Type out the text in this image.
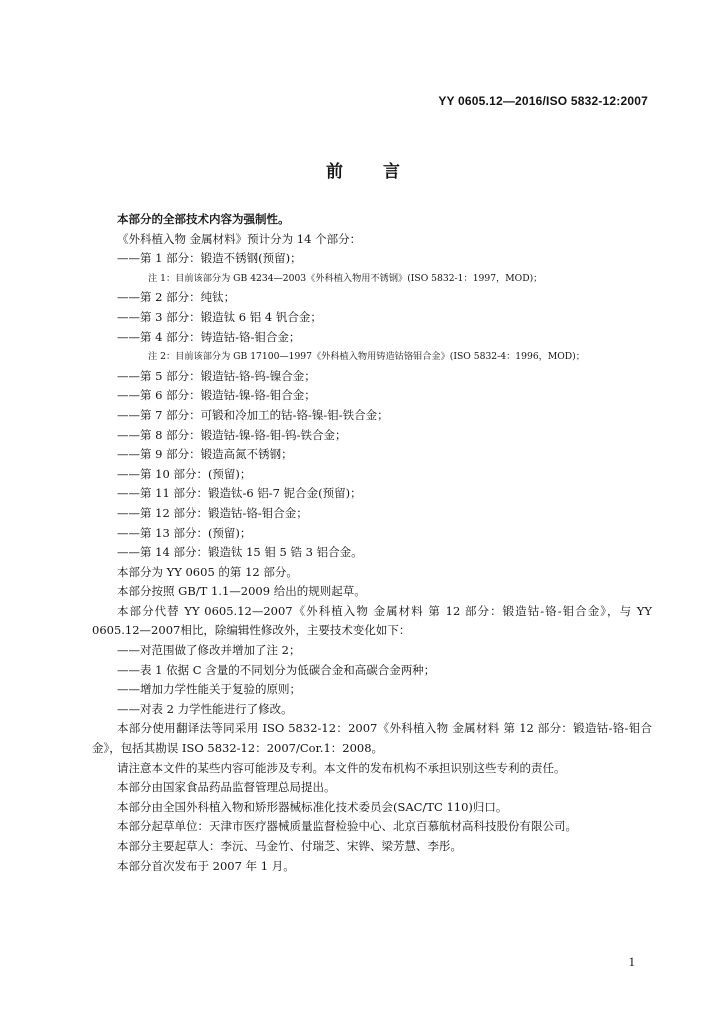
YY 0605.12—2016/ISO 5832-12:2007
前 言

本部分的全部技术内容为强制性。

《外科植入物 金属材料》预计分为 14 个部分：

——第 1 部分：锻造不锈钢(预留)；

注 1：目前该部分为 GB 4234—2003《外科植入物用不锈钢》(ISO 5832-1：1997，MOD)；

——第 2 部分：纯钛；

——第 3 部分：锻造钛 6 铝 4 钒合金；

——第 4 部分：铸造钴-铬-钼合金；

注 2：目前该部分为 GB 17100—1997《外科植入物用铸造钴铬钼合金》(ISO 5832-4：1996，MOD)；

——第 5 部分：锻造钴-铬-钨-镍合金；

——第 6 部分：锻造钴-镍-铬-钼合金；

——第 7 部分：可锻和冷加工的钴-铬-镍-钼-铁合金；

——第 8 部分：锻造钴-镍-铬-钼-钨-铁合金；

——第 9 部分：锻造高氮不锈钢；

——第 10 部分：(预留)；

——第 11 部分：锻造钛-6 铝-7 铌合金(预留)；

——第 12 部分：锻造钴-铬-钼合金；

——第 13 部分：(预留)；

——第 14 部分：锻造钛 15 钼 5 锆 3 铝合金。

本部分为 YY 0605 的第 12 部分。

本部分按照 GB/T 1.1—2009 给出的规则起草。

本部分代替 YY 0605.12—2007《外科植入物 金属材料 第 12 部分：锻造钴-铬-钼合金》，与 YY 0605.12—2007相比，除编辑性修改外，主要技术变化如下：

——对范围做了修改并增加了注 2；

——表 1 依据 C 含量的不同划分为低碳合金和高碳合金两种；

——增加力学性能关于复验的原则；

——对表 2 力学性能进行了修改。

本部分使用翻译法等同采用 ISO 5832-12：2007《外科植入物 金属材料 第 12 部分：锻造钴-铬-钼合金》，包括其勘误 ISO 5832-12：2007/Cor.1：2008。

请注意本文件的某些内容可能涉及专利。本文件的发布机构不承担识别这些专利的责任。

本部分由国家食品药品监督管理总局提出。

本部分由全国外科植入物和矫形器械标准化技术委员会(SAC/TC 110)归口。

本部分起草单位：天津市医疗器械质量监督检验中心、北京百慕航材高科技股份有限公司。

本部分主要起草人：李沅、马金竹、付瑞芝、宋铧、梁芳慧、李彤。

本部分首次发布于 2007 年 1 月。

1
